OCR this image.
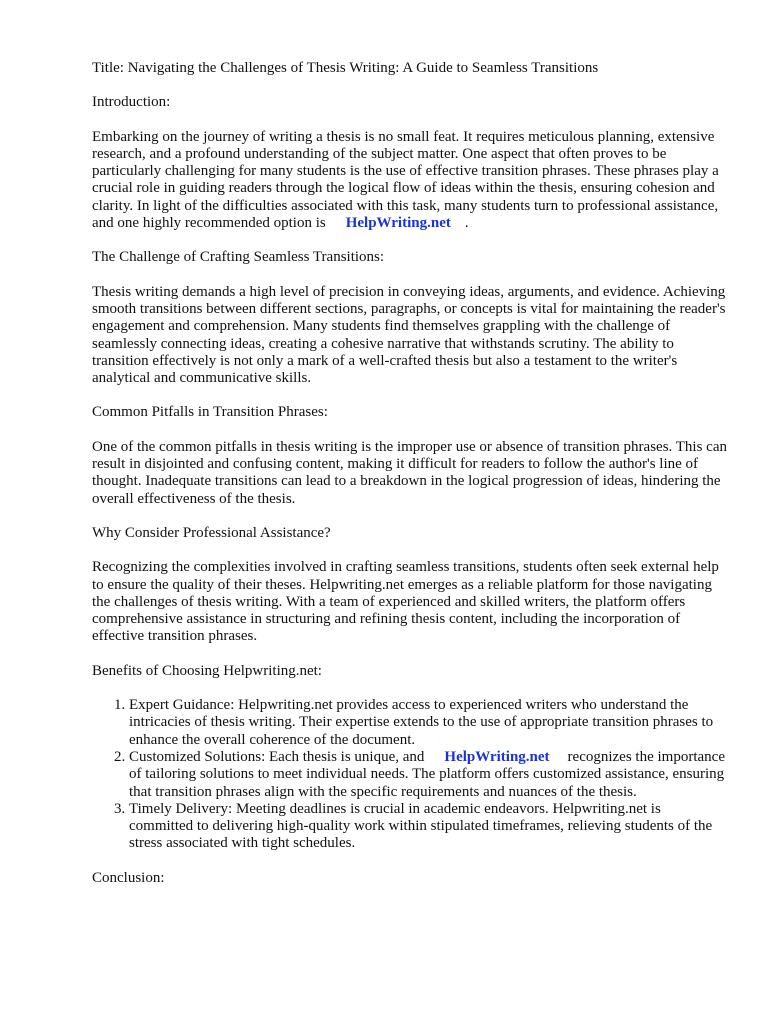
Title: Navigating the Challenges of Thesis Writing: A Guide to Seamless Transitions

Introduction:

Embarking on the journey of writing a thesis is no small feat. It requires meticulous planning, extensive research, and a profound understanding of the subject matter. One aspect that often proves to be particularly challenging for many students is the use of effective transition phrases. These phrases play a crucial role in guiding readers through the logical flow of ideas within the thesis, ensuring cohesion and clarity. In light of the difficulties associated with this task, many students turn to professional assistance, and one highly recommended option is HelpWriting.net .

The Challenge of Crafting Seamless Transitions:

Thesis writing demands a high level of precision in conveying ideas, arguments, and evidence. Achieving smooth transitions between different sections, paragraphs, or concepts is vital for maintaining the reader's engagement and comprehension. Many students find themselves grappling with the challenge of seamlessly connecting ideas, creating a cohesive narrative that withstands scrutiny. The ability to transition effectively is not only a mark of a well-crafted thesis but also a testament to the writer's analytical and communicative skills.

Common Pitfalls in Transition Phrases:

One of the common pitfalls in thesis writing is the improper use or absence of transition phrases. This can result in disjointed and confusing content, making it difficult for readers to follow the author's line of thought. Inadequate transitions can lead to a breakdown in the logical progression of ideas, hindering the overall effectiveness of the thesis.

Why Consider Professional Assistance?

Recognizing the complexities involved in crafting seamless transitions, students often seek external help to ensure the quality of their theses. Helpwriting.net emerges as a reliable platform for those navigating the challenges of thesis writing. With a team of experienced and skilled writers, the platform offers comprehensive assistance in structuring and refining thesis content, including the incorporation of effective transition phrases.

Benefits of Choosing Helpwriting.net:

1. Expert Guidance: Helpwriting.net provides access to experienced writers who understand the intricacies of thesis writing. Their expertise extends to the use of appropriate transition phrases to enhance the overall coherence of the document.
2. Customized Solutions: Each thesis is unique, and HelpWriting.net recognizes the importance of tailoring solutions to meet individual needs. The platform offers customized assistance, ensuring that transition phrases align with the specific requirements and nuances of the thesis.
3. Timely Delivery: Meeting deadlines is crucial in academic endeavors. Helpwriting.net is committed to delivering high-quality work within stipulated timeframes, relieving students of the stress associated with tight schedules.

Conclusion:
